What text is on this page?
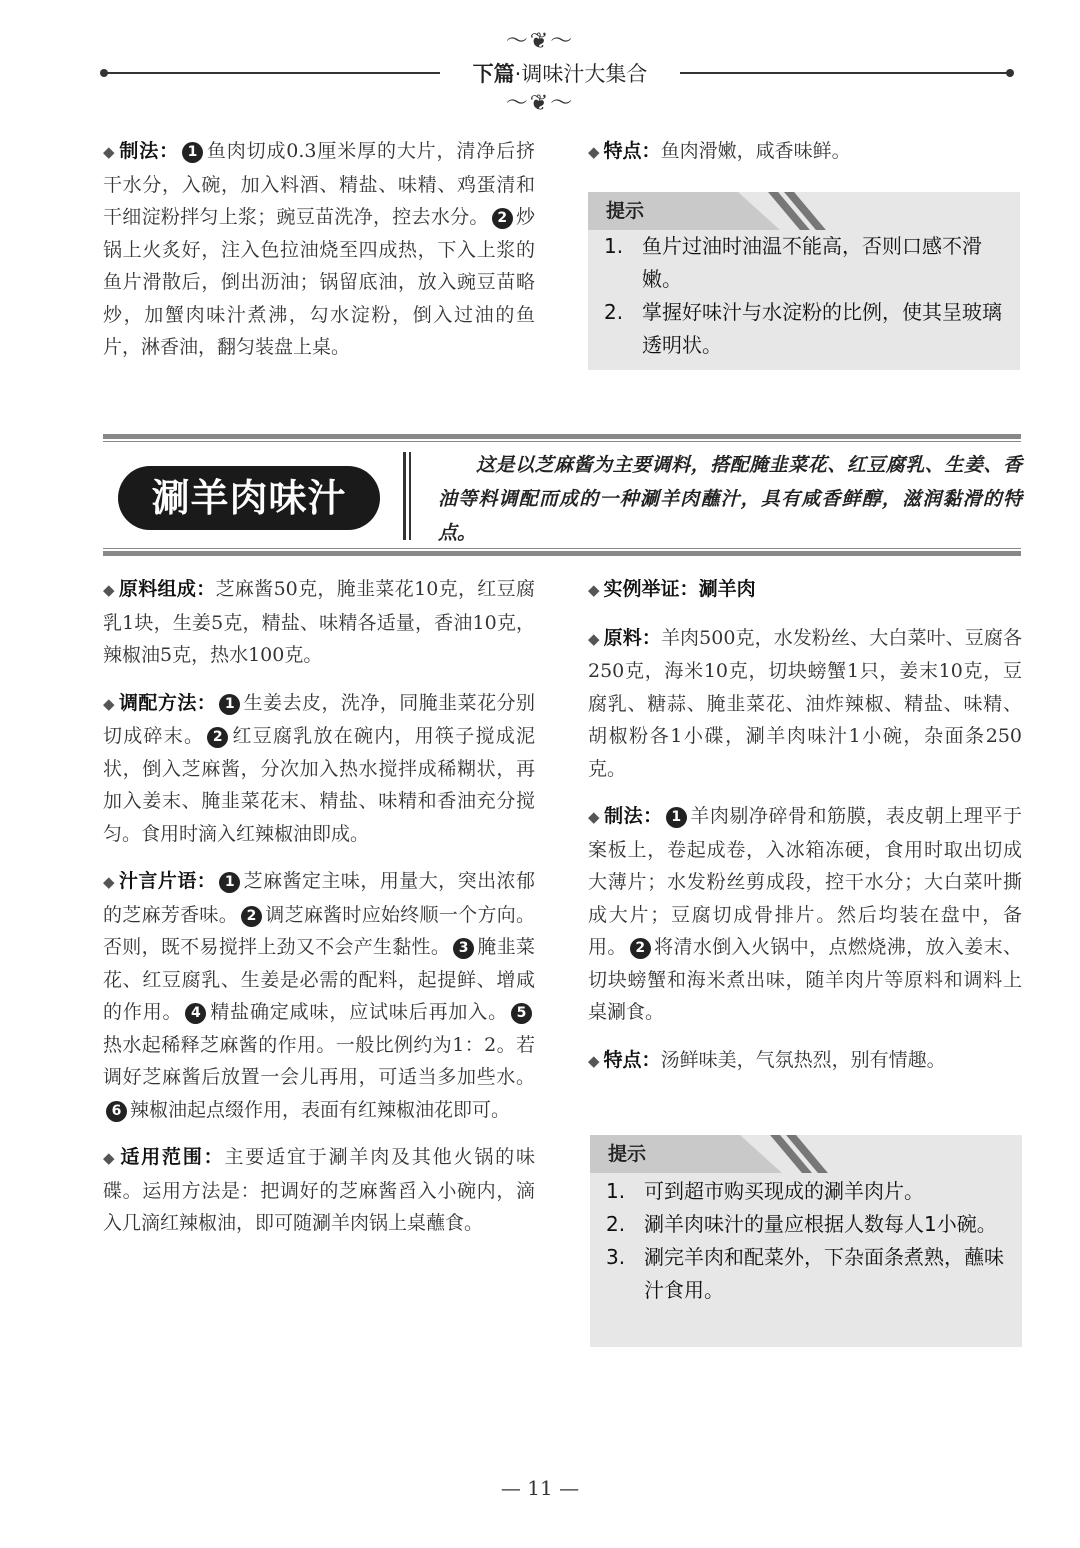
〜❦〜
下篇·调味汁大集合
〜❦〜

◆ 制法： 1 鱼肉切成0.3厘米厚的大片，清净后挤干水分，入碗，加入料酒、精盐、味精、鸡蛋清和干细淀粉拌匀上浆；豌豆苗洗净，控去水分。 2 炒锅上火炙好，注入色拉油烧至四成热，下入上浆的鱼片滑散后，倒出沥油；锅留底油，放入豌豆苗略炒，加蟹肉味汁煮沸，勾水淀粉，倒入过油的鱼片，淋香油，翻匀装盘上桌。

◆ 特点：鱼肉滑嫩，咸香味鲜。

提示
1. 鱼片过油时油温不能高，否则口感不滑嫩。
2. 掌握好味汁与水淀粉的比例，使其呈玻璃透明状。
涮羊肉味汁

这是以芝麻酱为主要调料，搭配腌韭菜花、红豆腐乳、生姜、香油等料调配而成的一种涮羊肉蘸汁，具有咸香鲜醇，滋润黏滑的特点。

◆ 原料组成：芝麻酱50克，腌韭菜花10克，红豆腐乳1块，生姜5克，精盐、味精各适量，香油10克，辣椒油5克，热水100克。

◆ 调配方法： 1 生姜去皮，洗净，同腌韭菜花分别切成碎末。 2 红豆腐乳放在碗内，用筷子搅成泥状，倒入芝麻酱，分次加入热水搅拌成稀糊状，再加入姜末、腌韭菜花末、精盐、味精和香油充分搅匀。食用时滴入红辣椒油即成。

◆ 汁言片语： 1 芝麻酱定主味，用量大，突出浓郁的芝麻芳香味。 2 调芝麻酱时应始终顺一个方向。否则，既不易搅拌上劲又不会产生黏性。 3 腌韭菜花、红豆腐乳、生姜是必需的配料，起提鲜、增咸的作用。 4 精盐确定咸味，应试味后再加入。 5热水起稀释芝麻酱的作用。一般比例约为1：2。若调好芝麻酱后放置一会儿再用，可适当多加些水。6 辣椒油起点缀作用，表面有红辣椒油花即可。

◆ 适用范围：主要适宜于涮羊肉及其他火锅的味碟。运用方法是：把调好的芝麻酱舀入小碗内，滴入几滴红辣椒油，即可随涮羊肉锅上桌蘸食。

◆ 实例举证：涮羊肉

◆ 原料：羊肉500克，水发粉丝、大白菜叶、豆腐各250克，海米10克，切块螃蟹1只，姜末10克，豆腐乳、糖蒜、腌韭菜花、油炸辣椒、精盐、味精、胡椒粉各1小碟，涮羊肉味汁1小碗，杂面条250克。

◆ 制法： 1 羊肉剔净碎骨和筋膜，表皮朝上理平于案板上，卷起成卷，入冰箱冻硬，食用时取出切成大薄片；水发粉丝剪成段，控干水分；大白菜叶撕成大片；豆腐切成骨排片。然后均装在盘中，备用。 2 将清水倒入火锅中，点燃烧沸，放入姜末、切块螃蟹和海米煮出味，随羊肉片等原料和调料上桌涮食。

◆ 特点：汤鲜味美，气氛热烈，别有情趣。

提示
1. 可到超市购买现成的涮羊肉片。
2. 涮羊肉味汁的量应根据人数每人1小碗。
3. 涮完羊肉和配菜外，下杂面条煮熟，蘸味汁食用。
— 11 —
